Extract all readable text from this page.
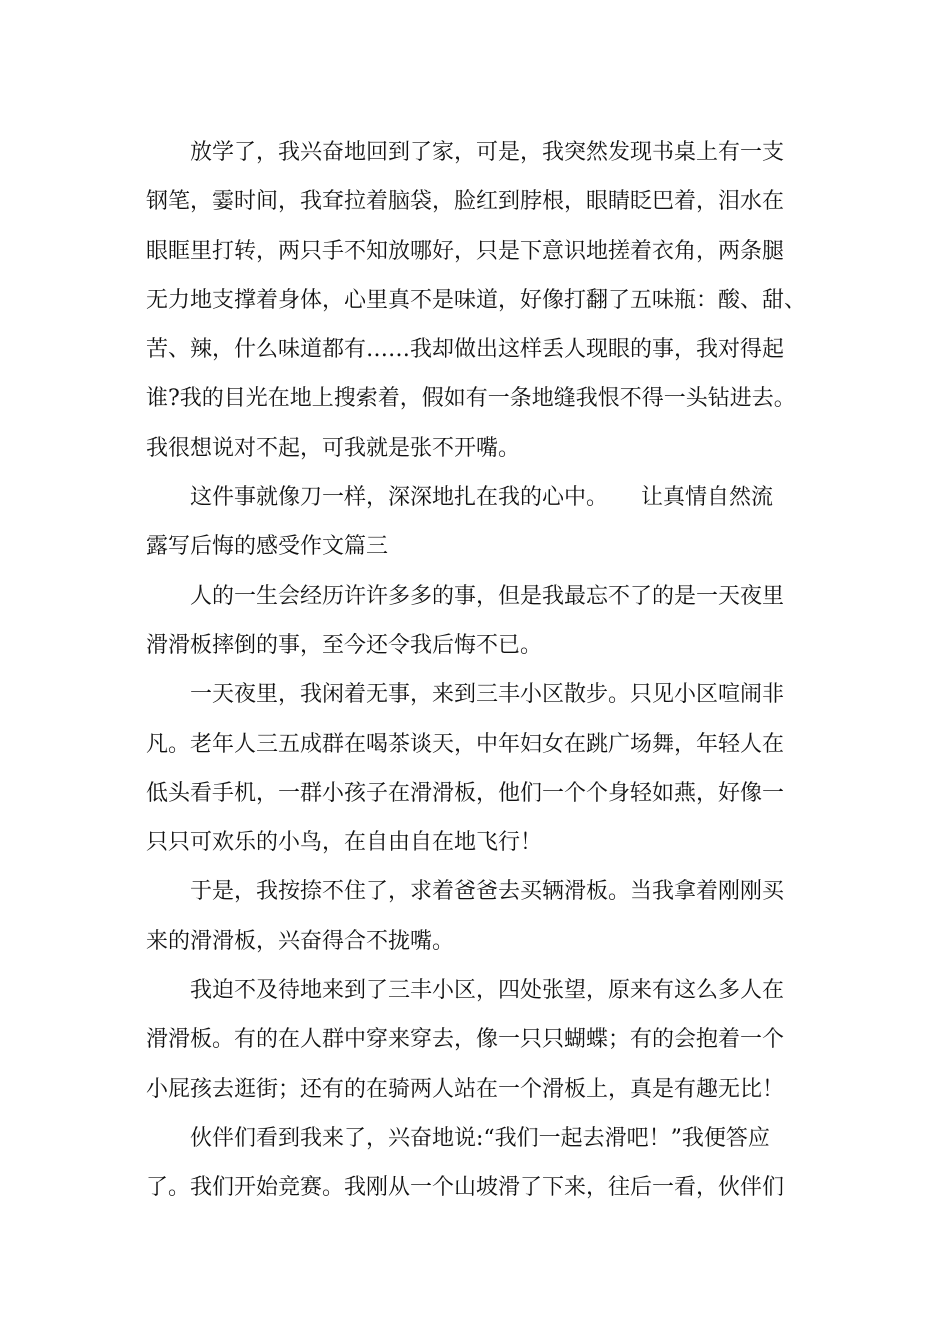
放学了，我兴奋地回到了家，可是，我突然发现书桌上有一支
钢笔，霎时间，我耷拉着脑袋，脸红到脖根，眼睛眨巴着，泪水在
眼眶里打转，两只手不知放哪好，只是下意识地搓着衣角，两条腿
无力地支撑着身体，心里真不是味道，好像打翻了五味瓶：酸、甜、
苦、辣，什么味道都有……我却做出这样丢人现眼的事，我对得起
谁?我的目光在地上搜索着，假如有一条地缝我恨不得一头钻进去。
我很想说对不起，可我就是张不开嘴。
这件事就像刀一样，深深地扎在我的心中。　　让真情自然流
露写后悔的感受作文篇三
人的一生会经历许许多多的事，但是我最忘不了的是一天夜里
滑滑板摔倒的事，至今还令我后悔不已。
一天夜里，我闲着无事，来到三丰小区散步。只见小区喧闹非
凡。老年人三五成群在喝茶谈天，中年妇女在跳广场舞，年轻人在
低头看手机，一群小孩子在滑滑板，他们一个个身轻如燕，好像一
只只可欢乐的小鸟，在自由自在地飞行！
于是，我按捺不住了，求着爸爸去买辆滑板。当我拿着刚刚买
来的滑滑板，兴奋得合不拢嘴。
我迫不及待地来到了三丰小区，四处张望，原来有这么多人在
滑滑板。有的在人群中穿来穿去，像一只只蝴蝶；有的会抱着一个
小屁孩去逛街；还有的在骑两人站在一个滑板上，真是有趣无比！
伙伴们看到我来了，兴奋地说:“我们一起去滑吧！”我便答应
了。我们开始竞赛。我刚从一个山坡滑了下来，往后一看，伙伴们
